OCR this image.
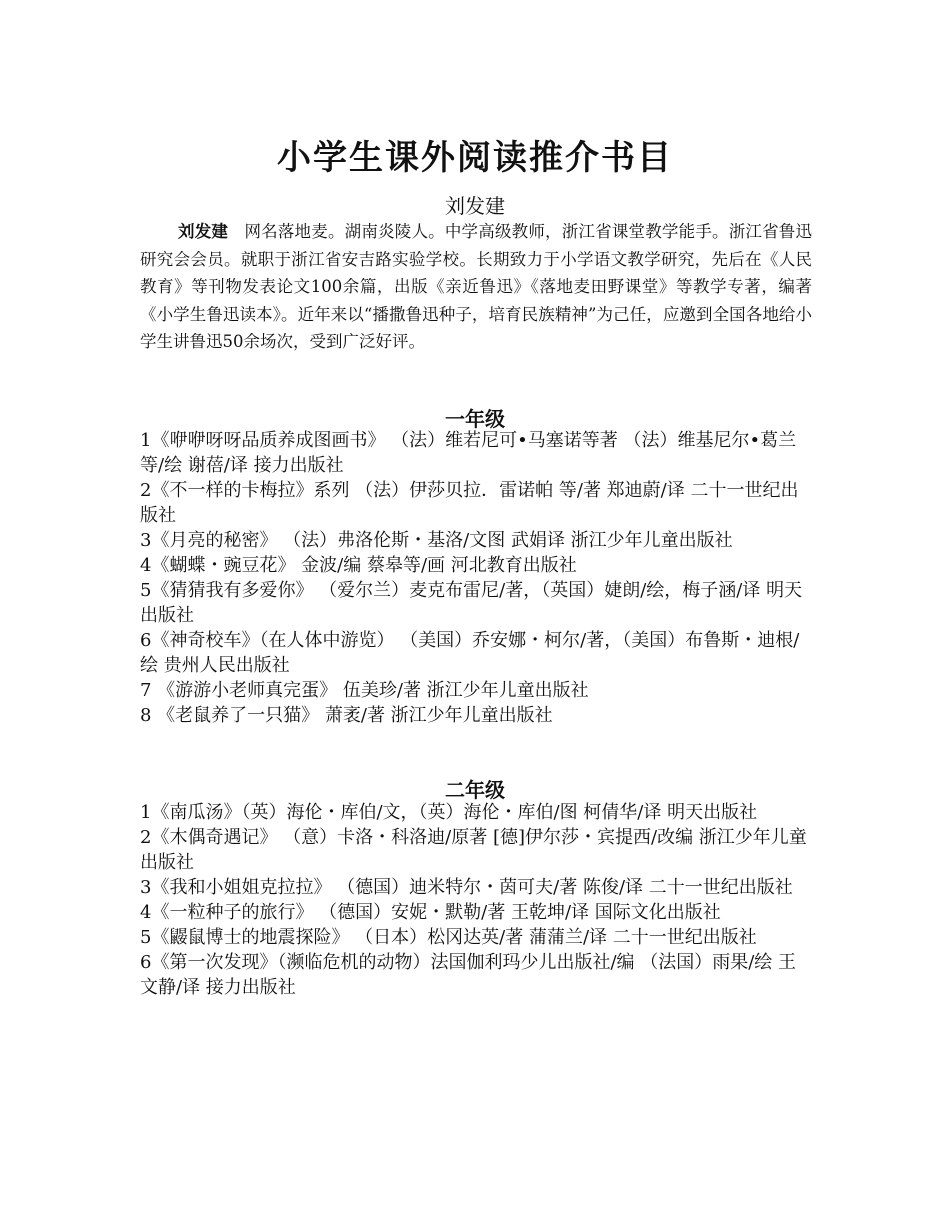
小学生课外阅读推介书目
刘发建
刘发建 网名落地麦。湖南炎陵人。中学高级教师，浙江省课堂教学能手。浙江省鲁迅研究会会员。就职于浙江省安吉路实验学校。长期致力于小学语文教学研究，先后在《人民教育》等刊物发表论文100余篇，出版《亲近鲁迅》《落地麦田野课堂》等教学专著，编著《小学生鲁迅读本》。近年来以“播撒鲁迅种子，培育民族精神”为己任，应邀到全国各地给小学生讲鲁迅50余场次，受到广泛好评。
一年级

1《咿咿呀呀品质养成图画书》 （法）维若尼可•马塞诺等著 （法）维基尼尔•葛兰等/绘 谢蓓/译 接力出版社

2《不一样的卡梅拉》系列 （法）伊莎贝拉．雷诺帕 等/著 郑迪蔚/译 二十一世纪出版社

3《月亮的秘密》 （法）弗洛伦斯・基洛/文图 武娟译 浙江少年儿童出版社

4《蝴蝶・豌豆花》 金波/编 蔡皋等/画 河北教育出版社

5《猜猜我有多爱你》 （爱尔兰）麦克布雷尼/著，（英国）婕朗/绘，梅子涵/译 明天出版社

6《神奇校车》（在人体中游览） （美国）乔安娜・柯尔/著，（美国）布鲁斯・迪根/绘 贵州人民出版社

7 《游游小老师真完蛋》 伍美珍/著 浙江少年儿童出版社

8 《老鼠养了一只猫》 萧袤/著 浙江少年儿童出版社

二年级

1《南瓜汤》（英）海伦・库伯/文，（英）海伦・库伯/图 柯倩华/译 明天出版社

2《木偶奇遇记》 （意）卡洛・科洛迪/原著 [德]伊尔莎・宾提西/改编 浙江少年儿童出版社

3《我和小姐姐克拉拉》 （德国）迪米特尔・茵可夫/著 陈俊/译 二十一世纪出版社

4《一粒种子的旅行》 （德国）安妮・默勒/著 王乾坤/译 国际文化出版社

5《鼹鼠博士的地震探险》 （日本）松冈达英/著 蒲蒲兰/译 二十一世纪出版社

6《第一次发现》（濒临危机的动物）法国伽利玛少儿出版社/编 （法国）雨果/绘 王文静/译 接力出版社
